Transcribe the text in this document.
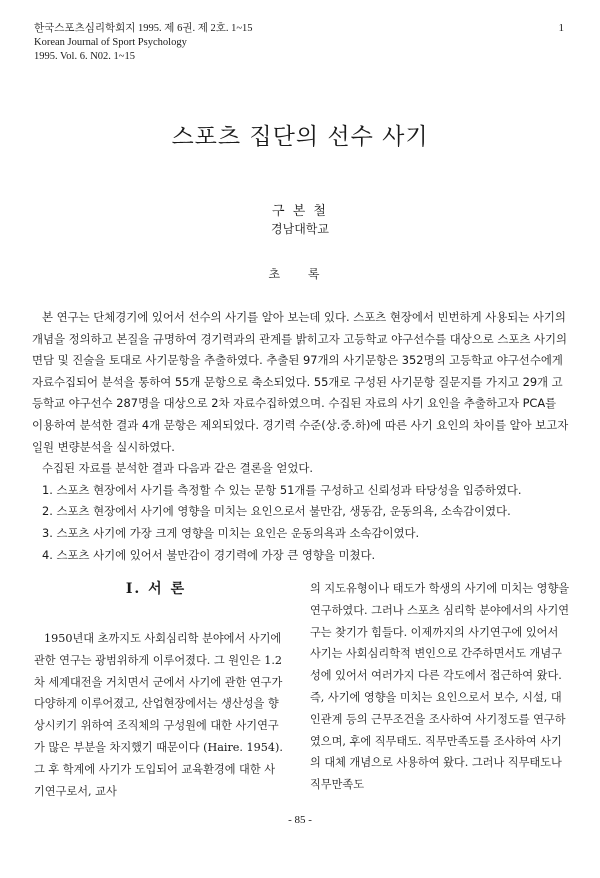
한국스포츠심리학회지 1995. 제 6권. 제 2호. 1~15
Korean Journal of Sport Psychology
1995. Vol. 6. N02. 1~15
1
스포츠 집단의 선수 사기
구 본 철
경남대학교
초 록

본 연구는 단체경기에 있어서 선수의 사기를 알아 보는데 있다. 스포츠 현장에서 빈번하게 사용되는 사기의 개념을 정의하고 본질을 규명하여 경기력과의 관계를 밝히고자 고등학교 야구선수를 대상으로 스포츠 사기의 면담 및 진술을 토대로 사기문항을 추출하였다. 추출된 97개의 사기문항은 352명의 고등학교 야구선수에게 자료수집되어 분석을 통하여 55개 문항으로 축소되었다. 55개로 구성된 사기문항 질문지를 가지고 29개 고등학교 야구선수 287명을 대상으로 2차 자료수집하였으며. 수집된 자료의 사기 요인을 추출하고자 PCA를 이용하여 분석한 결과 4개 문항은 제외되었다. 경기력 수준(상.중.하)에 따른 사기 요인의 차이를 알아 보고자 일원 변량분석을 실시하였다.

수집된 자료를 분석한 결과 다음과 같은 결론을 얻었다.

1. 스포츠 현장에서 사기를 측정할 수 있는 문항 51개를 구성하고 신뢰성과 타당성을 입증하였다.
2. 스포츠 현장에서 사기에 영향을 미치는 요인으로서 불만감, 생동감, 운동의욕, 소속감이였다.
3. 스포츠 사기에 가장 크게 영향을 미치는 요인은 운동의욕과 소속감이였다.
4. 스포츠 사기에 있어서 불만감이 경기력에 가장 큰 영향을 미쳤다.
Ⅰ. 서 론

1950년대 초까지도 사회심리학 분야에서 사기에 관한 연구는 광범위하게 이루어졌다. 그 원인은 1.2차 세계대전을 거치면서 군에서 사기에 관한 연구가 다양하게 이루어졌고, 산업현장에서는 생산성을 향상시키기 위하여 조직체의 구성원에 대한 사기연구가 많은 부분을 차지했기 때문이다 (Haire. 1954). 그 후 학계에 사기가 도입되어 교육환경에 대한 사기연구로서, 교사

의 지도유형이나 태도가 학생의 사기에 미치는 영향을 연구하였다. 그러나 스포츠 심리학 분야에서의 사기연구는 찾기가 힘들다. 이제까지의 사기연구에 있어서 사기는 사회심리학적 변인으로 간주하면서도 개념구성에 있어서 여러가지 다른 각도에서 접근하여 왔다. 즉, 사기에 영향을 미치는 요인으로서 보수, 시설, 대인관계 등의 근무조건을 조사하여 사기정도를 연구하였으며, 후에 직무태도. 직무만족도를 조사하여 사기의 대체 개념으로 사용하여 왔다. 그러나 직무태도나 직무만족도

- 85 -
